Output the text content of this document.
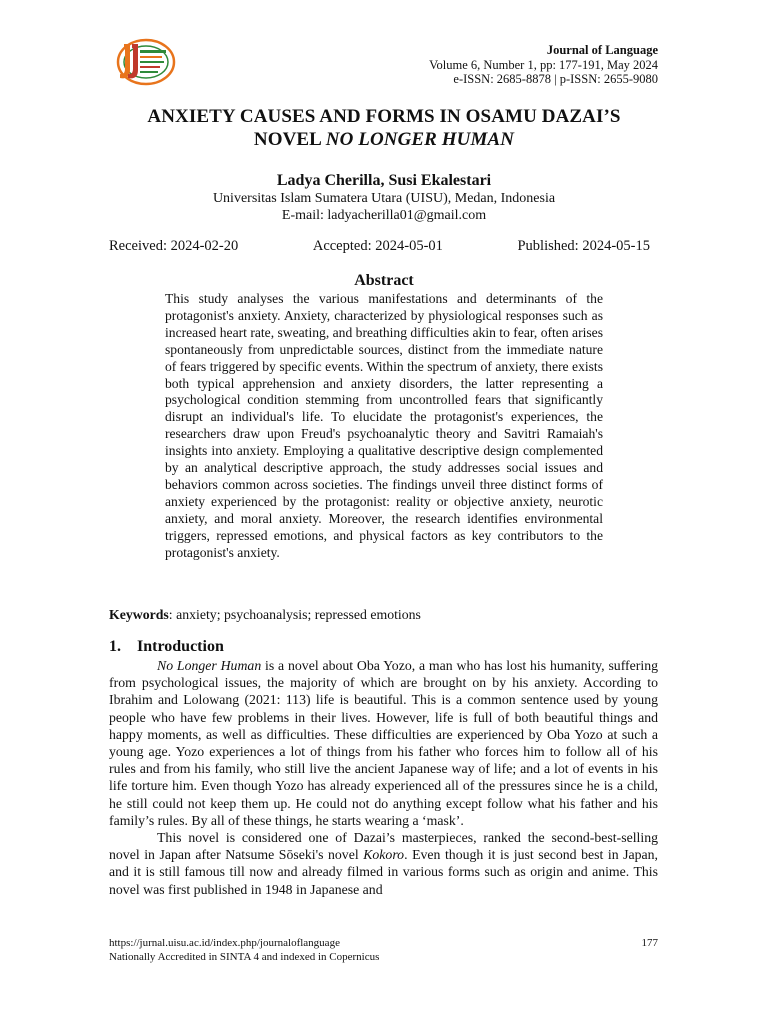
Journal of Language
Volume 6, Number 1, pp: 177-191, May 2024
e-ISSN: 2685-8878 | p-ISSN: 2655-9080
ANXIETY CAUSES AND FORMS IN OSAMU DAZAI’S
NOVEL NO LONGER HUMAN
Ladya Cherilla, Susi Ekalestari
Universitas Islam Sumatera Utara (UISU), Medan, Indonesia
E-mail: ladyacherilla01@gmail.com
Received: 2024-02-20	Accepted: 2024-05-01	Published: 2024-05-15
Abstract
This study analyses the various manifestations and determinants of the protagonist's anxiety. Anxiety, characterized by physiological responses such as increased heart rate, sweating, and breathing difficulties akin to fear, often arises spontaneously from unpredictable sources, distinct from the immediate nature of fears triggered by specific events. Within the spectrum of anxiety, there exists both typical apprehension and anxiety disorders, the latter representing a psychological condition stemming from uncontrolled fears that significantly disrupt an individual's life. To elucidate the protagonist's experiences, the researchers draw upon Freud's psychoanalytic theory and Savitri Ramaiah's insights into anxiety. Employing a qualitative descriptive design complemented by an analytical descriptive approach, the study addresses social issues and behaviors common across societies. The findings unveil three distinct forms of anxiety experienced by the protagonist: reality or objective anxiety, neurotic anxiety, and moral anxiety. Moreover, the research identifies environmental triggers, repressed emotions, and physical factors as key contributors to the protagonist's anxiety.
Keywords: anxiety; psychoanalysis; repressed emotions
1. Introduction

No Longer Human is a novel about Oba Yozo, a man who has lost his humanity, suffering from psychological issues, the majority of which are brought on by his anxiety. According to Ibrahim and Lolowang (2021: 113) life is beautiful. This is a common sentence used by young people who have few problems in their lives. However, life is full of both beautiful things and happy moments, as well as difficulties. These difficulties are experienced by Oba Yozo at such a young age. Yozo experiences a lot of things from his father who forces him to follow all of his rules and from his family, who still live the ancient Japanese way of life; and a lot of events in his life torture him. Even though Yozo has already experienced all of the pressures since he is a child, he still could not keep them up. He could not do anything except follow what his father and his family’s rules. By all of these things, he starts wearing a ‘mask’.

This novel is considered one of Dazai’s masterpieces, ranked the second-best-selling novel in Japan after Natsume Sōseki's novel Kokoro. Even though it is just second best in Japan, and it is still famous till now and already filmed in various forms such as origin and anime. This novel was first published in 1948 in Japanese and

https://jurnal.uisu.ac.id/index.php/journaloflanguage
Nationally Accredited in SINTA 4 and indexed in Copernicus
177
